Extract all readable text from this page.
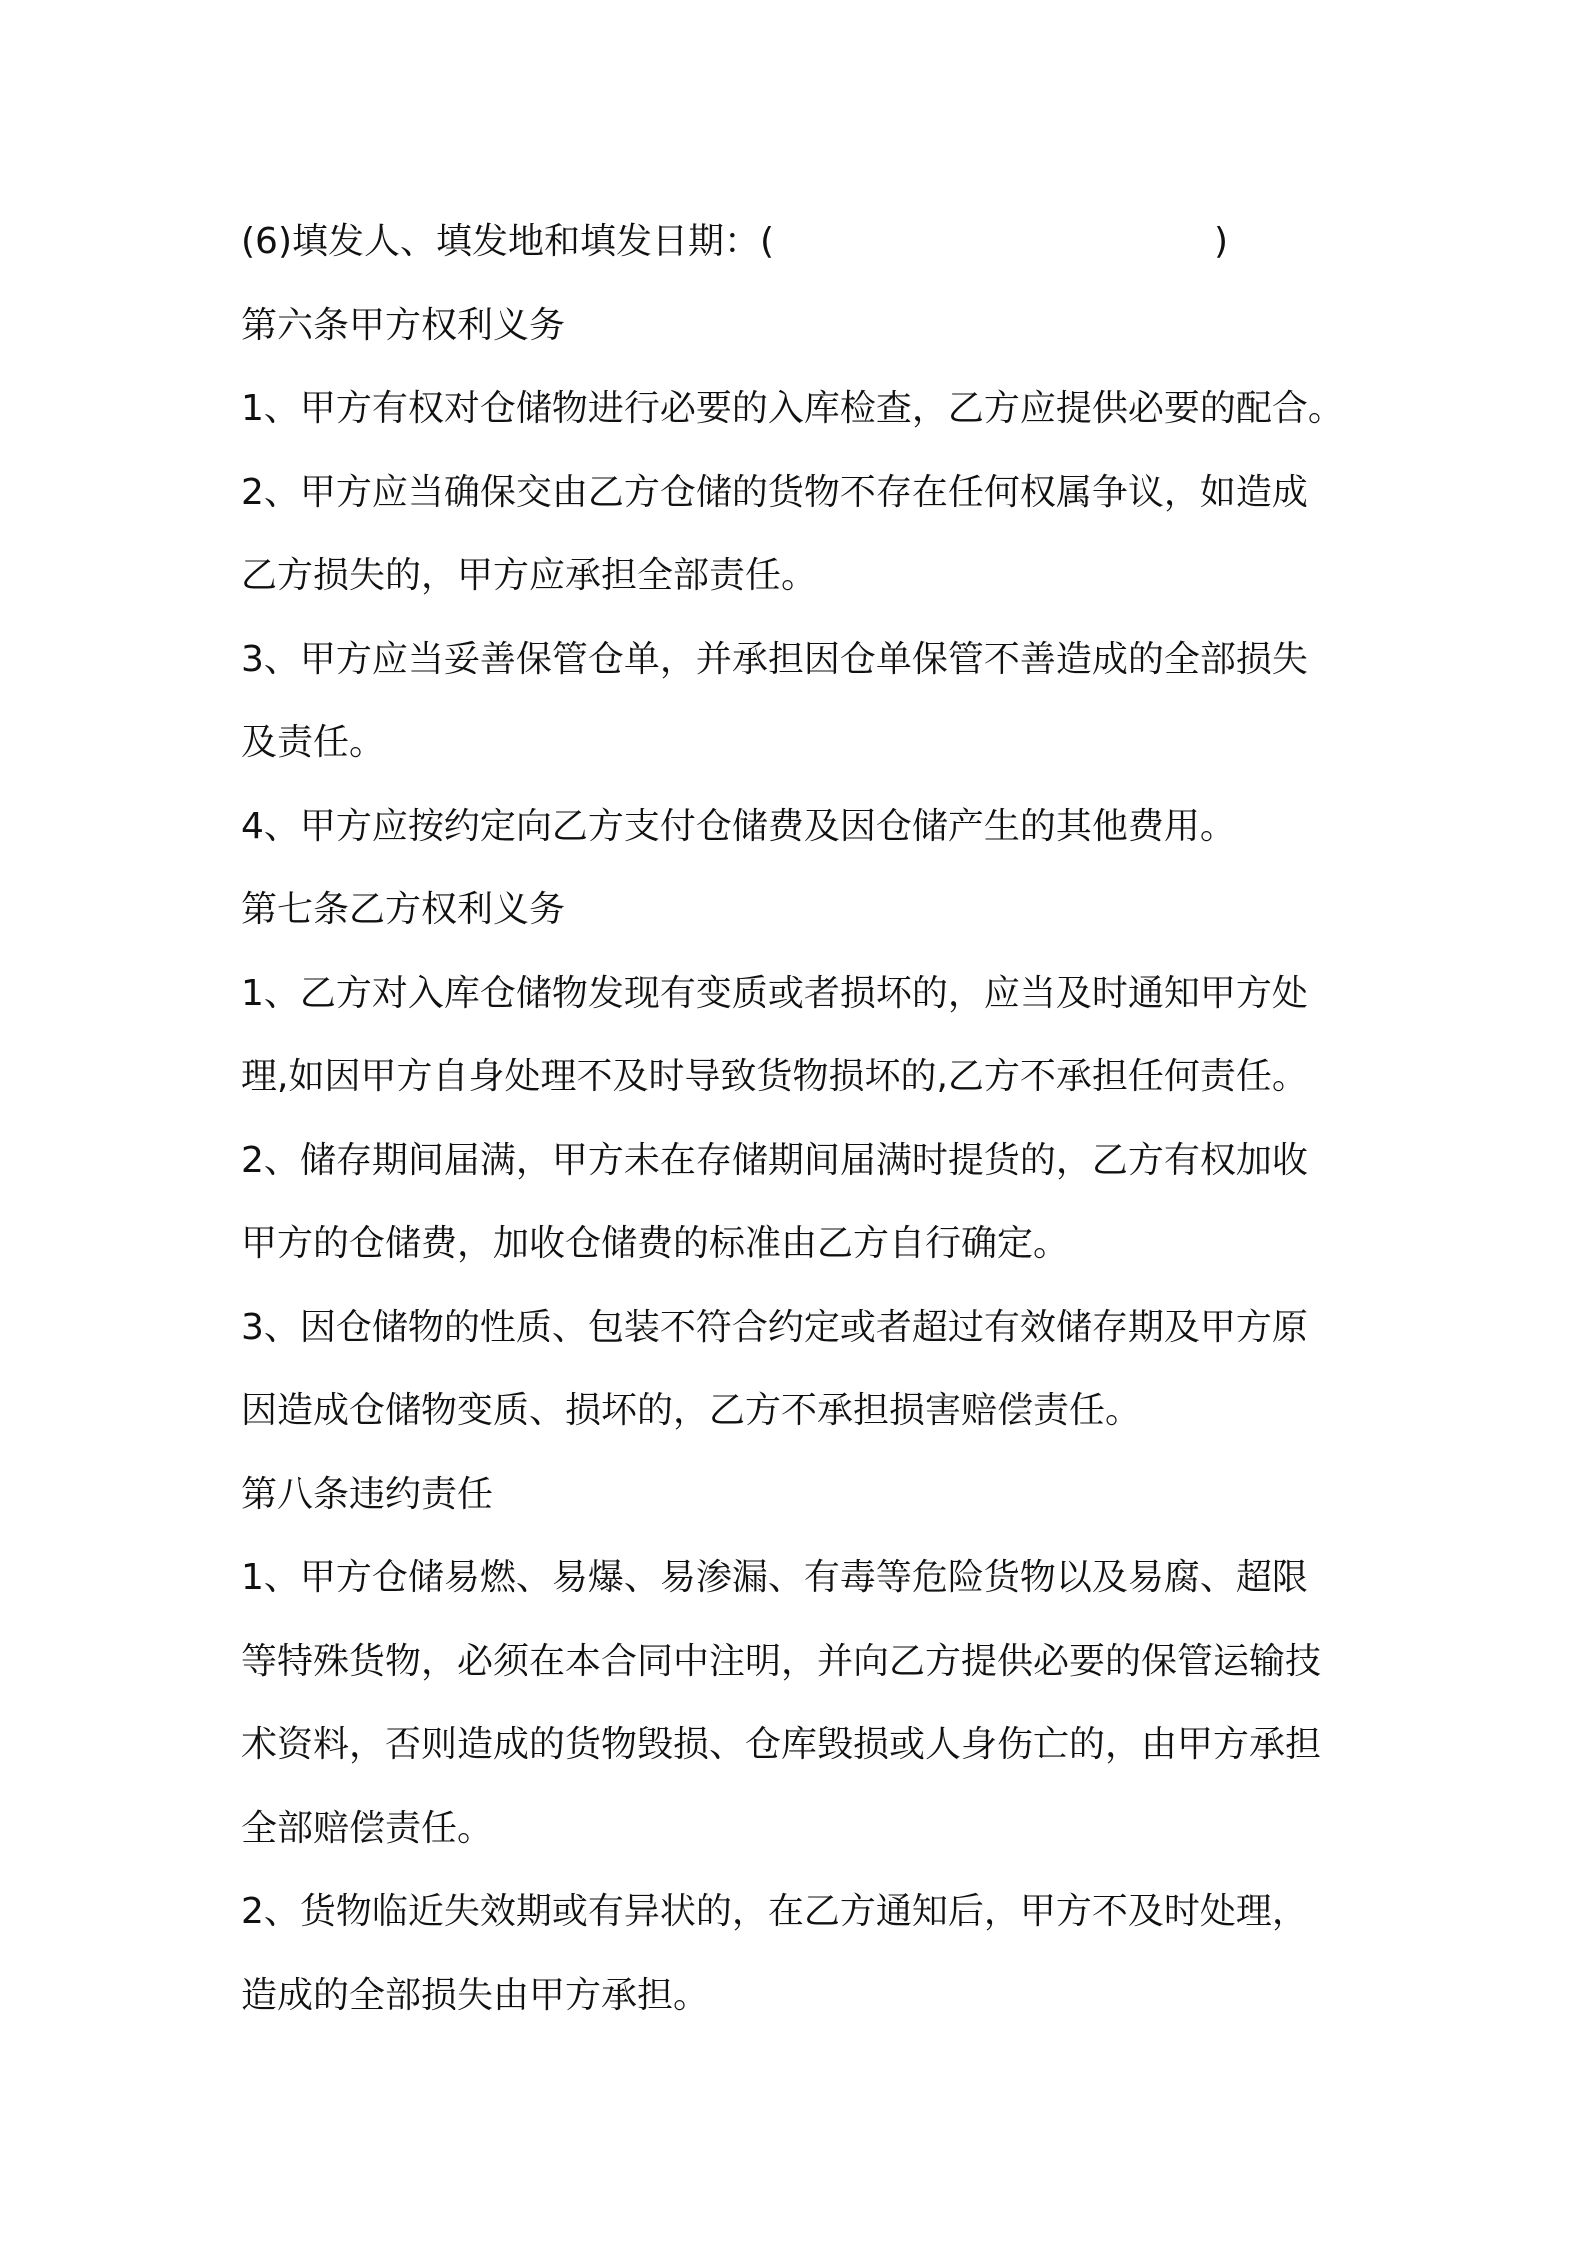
(6)填发人、填发地和填发日期：(	)
第六条甲方权利义务
1、甲方有权对仓储物进行必要的入库检查，乙方应提供必要的配合。
2、甲方应当确保交由乙方仓储的货物不存在任何权属争议，如造成
乙方损失的，甲方应承担全部责任。
3、甲方应当妥善保管仓单，并承担因仓单保管不善造成的全部损失
及责任。
4、甲方应按约定向乙方支付仓储费及因仓储产生的其他费用。
第七条乙方权利义务
1、乙方对入库仓储物发现有变质或者损坏的，应当及时通知甲方处
理,如因甲方自身处理不及时导致货物损坏的,乙方不承担任何责任。
2、储存期间届满，甲方未在存储期间届满时提货的，乙方有权加收
甲方的仓储费，加收仓储费的标准由乙方自行确定。
3、因仓储物的性质、包装不符合约定或者超过有效储存期及甲方原
因造成仓储物变质、损坏的，乙方不承担损害赔偿责任。
第八条违约责任
1、甲方仓储易燃、易爆、易渗漏、有毒等危险货物以及易腐、超限
等特殊货物，必须在本合同中注明，并向乙方提供必要的保管运输技
术资料，否则造成的货物毁损、仓库毁损或人身伤亡的，由甲方承担
全部赔偿责任。
2、货物临近失效期或有异状的，在乙方通知后，甲方不及时处理，
造成的全部损失由甲方承担。
